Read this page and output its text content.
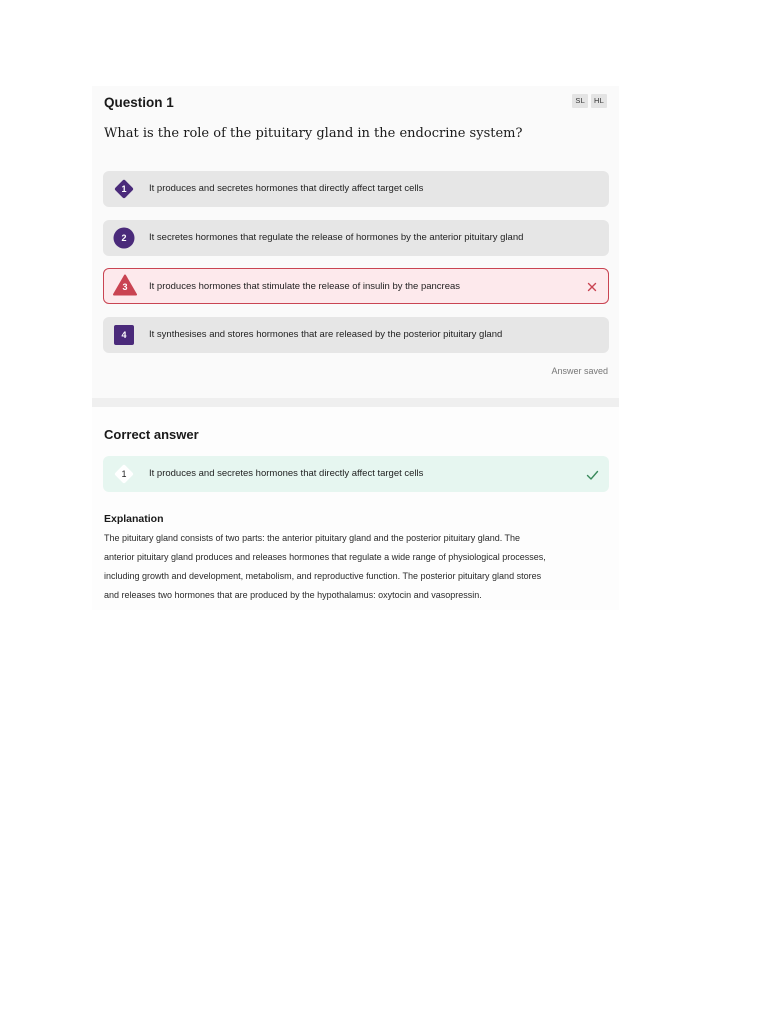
Question 1	SL	HL
What is the role of the pituitary gland in the endocrine system?
1	It produces and secretes hormones that directly affect target cells
2	It secretes hormones that regulate the release of hormones by the anterior pituitary gland
3	It produces hormones that stimulate the release of insulin by the pancreas
4	It synthesises and stores hormones that are released by the posterior pituitary gland
Answer saved
Correct answer
1	It produces and secretes hormones that directly affect target cells
Explanation
The pituitary gland consists of two parts: the anterior pituitary gland and the posterior pituitary gland. The
anterior pituitary gland produces and releases hormones that regulate a wide range of physiological processes,
including growth and development, metabolism, and reproductive function. The posterior pituitary gland stores
and releases two hormones that are produced by the hypothalamus: oxytocin and vasopressin.
